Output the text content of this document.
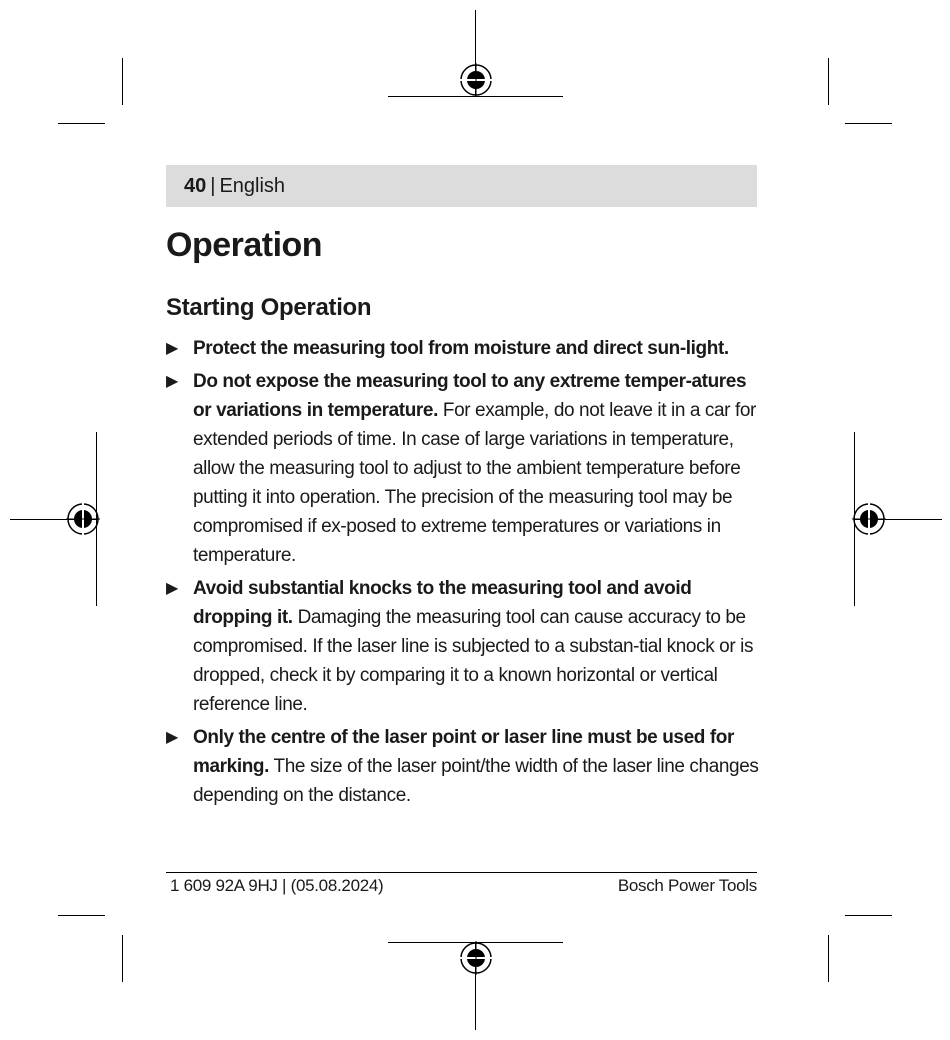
40 | English
Operation
Starting Operation
▶ Protect the measuring tool from moisture and direct sun-light.
▶ Do not expose the measuring tool to any extreme temper-atures or variations in temperature. For example, do not leave it in a car for extended periods of time. In case of large variations in temperature, allow the measuring tool to adjust to the ambient temperature before putting it into operation. The precision of the measuring tool may be compromised if ex-posed to extreme temperatures or variations in temperature.
▶ Avoid substantial knocks to the measuring tool and avoid dropping it. Damaging the measuring tool can cause accuracy to be compromised. If the laser line is subjected to a substan-tial knock or is dropped, check it by comparing it to a known horizontal or vertical reference line.
▶ Only the centre of the laser point or laser line must be used for marking. The size of the laser point/the width of the laser line changes depending on the distance.
1 609 92A 9HJ | (05.08.2024)	Bosch Power Tools
